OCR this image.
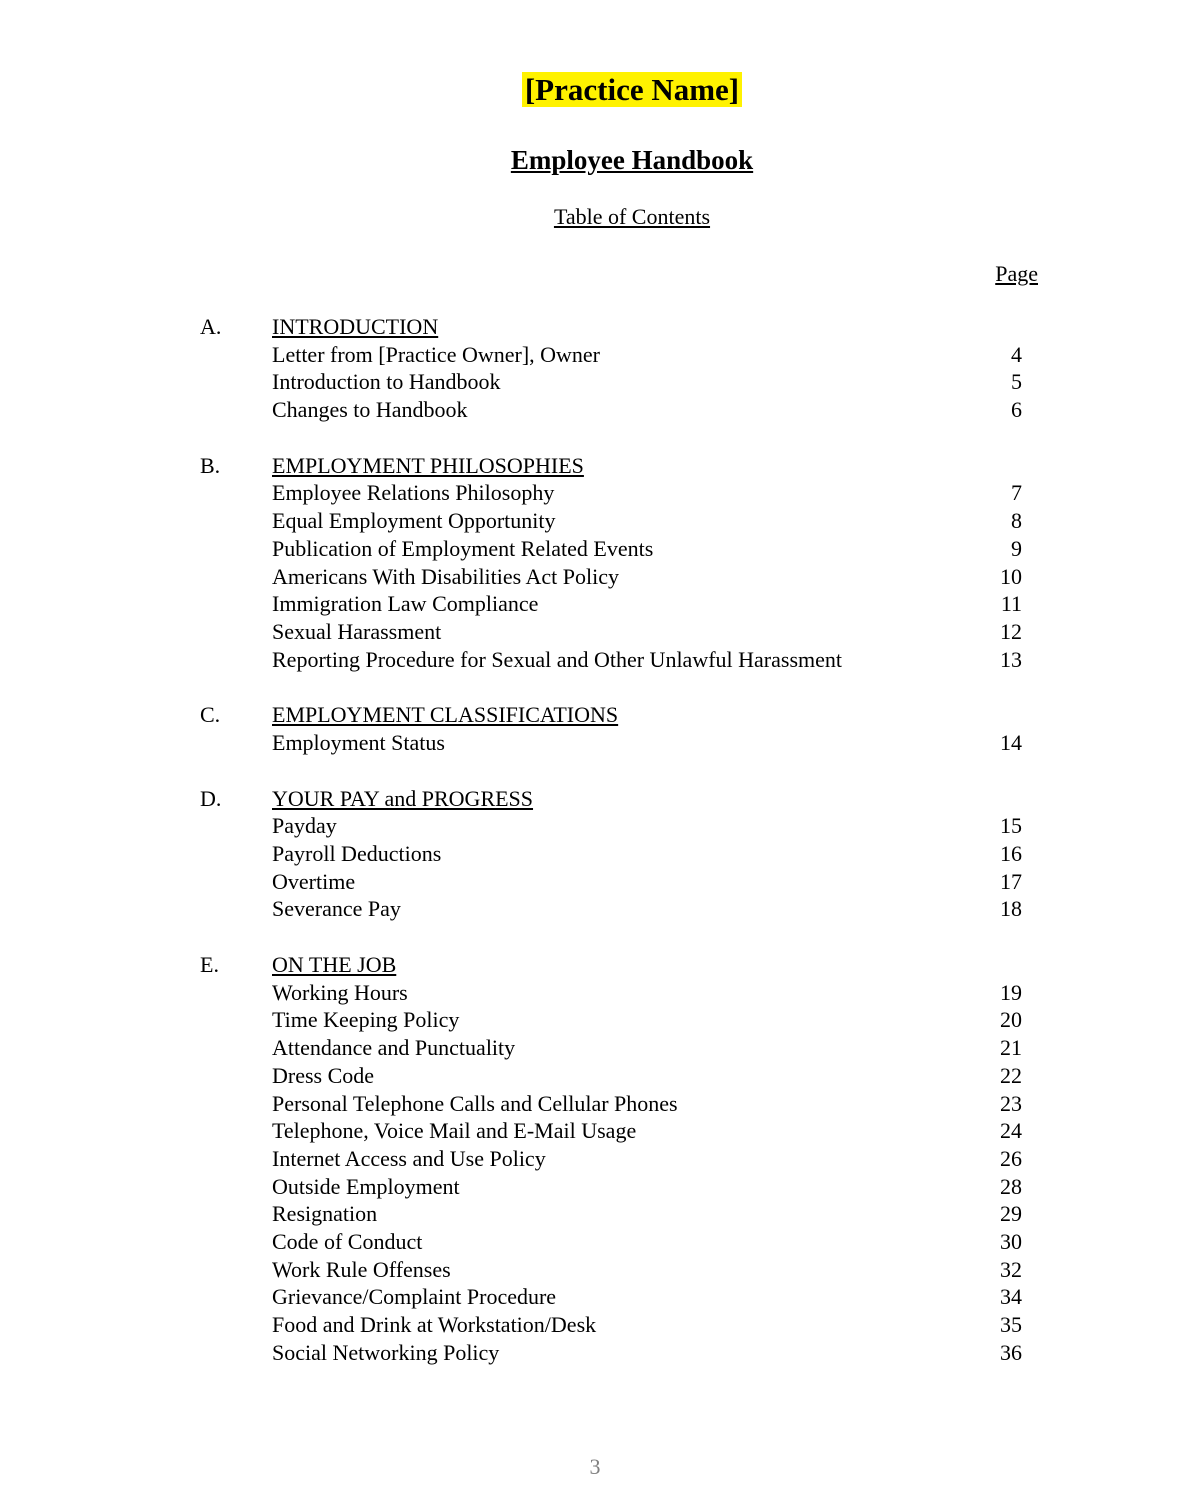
[Practice Name]
Employee Handbook
Table of Contents
Page
A. INTRODUCTION
Letter from [Practice Owner], Owner	4
Introduction to Handbook	5
Changes to Handbook	6
B. EMPLOYMENT PHILOSOPHIES
Employee Relations Philosophy	7
Equal Employment Opportunity	8
Publication of Employment Related Events	9
Americans With Disabilities Act Policy	10
Immigration Law Compliance	11
Sexual Harassment	12
Reporting Procedure for Sexual and Other Unlawful Harassment	13
C. EMPLOYMENT CLASSIFICATIONS
Employment Status	14
D. YOUR PAY and PROGRESS
Payday	15
Payroll Deductions	16
Overtime	17
Severance Pay	18
E. ON THE JOB
Working Hours	19
Time Keeping Policy	20
Attendance and Punctuality	21
Dress Code	22
Personal Telephone Calls and Cellular Phones	23
Telephone, Voice Mail and E-Mail Usage	24
Internet Access and Use Policy	26
Outside Employment	28
Resignation	29
Code of Conduct	30
Work Rule Offenses	32
Grievance/Complaint Procedure	34
Food and Drink at Workstation/Desk	35
Social Networking Policy	36
3
